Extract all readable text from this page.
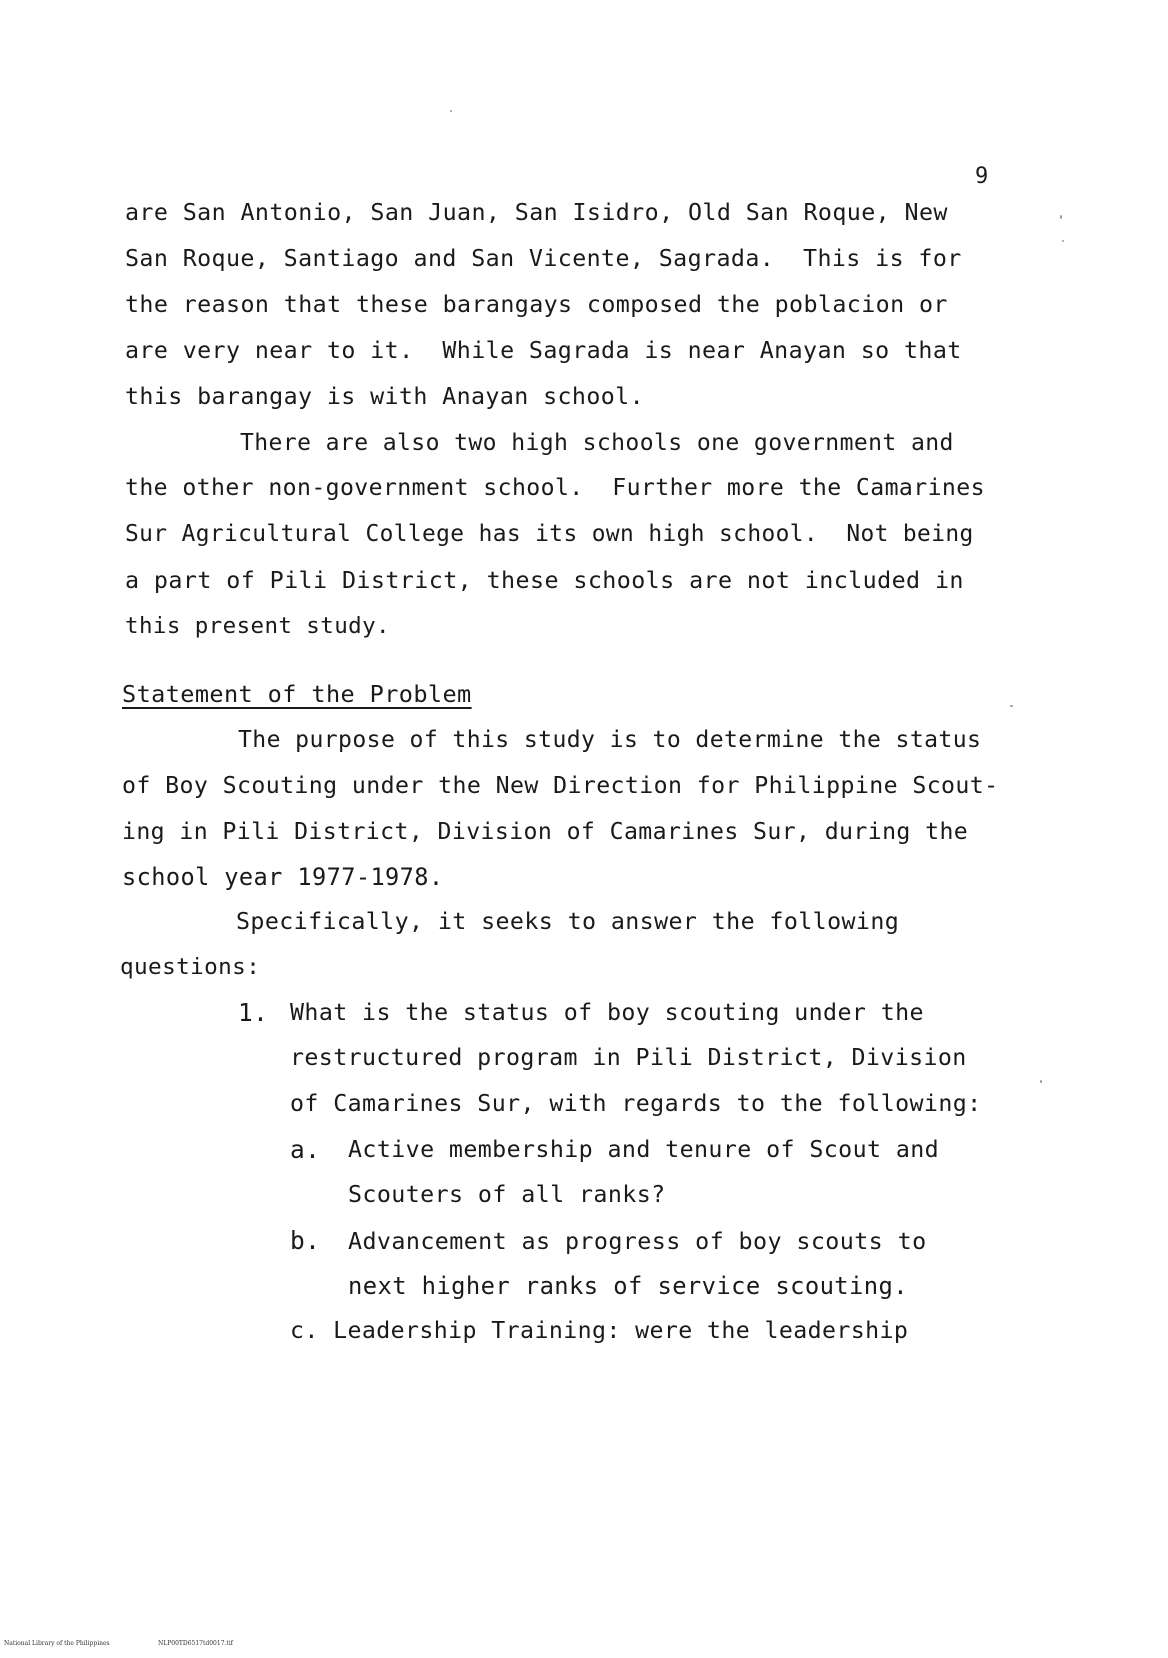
9
are San Antonio, San Juan, San Isidro, Old San Roque, New
San Roque, Santiago and San Vicente, Sagrada.  This is for
the reason that these barangays composed the poblacion or
are very near to it.  While Sagrada is near Anayan so that
this barangay is with Anayan school.
There are also two high schools one government and
the other non-government school.  Further more the Camarines
Sur Agricultural College has its own high school.  Not being
a part of Pili District, these schools are not included in
this present study.
Statement of the Problem
The purpose of this study is to determine the status
of Boy Scouting under the New Direction for Philippine Scout-
ing in Pili District, Division of Camarines Sur, during the
school year 1977-1978.
Specifically, it seeks to answer the following
questions:
1. What is the status of boy scouting under the
restructured program in Pili District, Division
of Camarines Sur, with regards to the following:
a. Active membership and tenure of Scout and
Scouters of all ranks?
b. Advancement as progress of boy scouts to
next higher ranks of service scouting.
c. Leadership Training: were the leadership
National Library of the Philippines	NLP00TD6517td0017.tif
